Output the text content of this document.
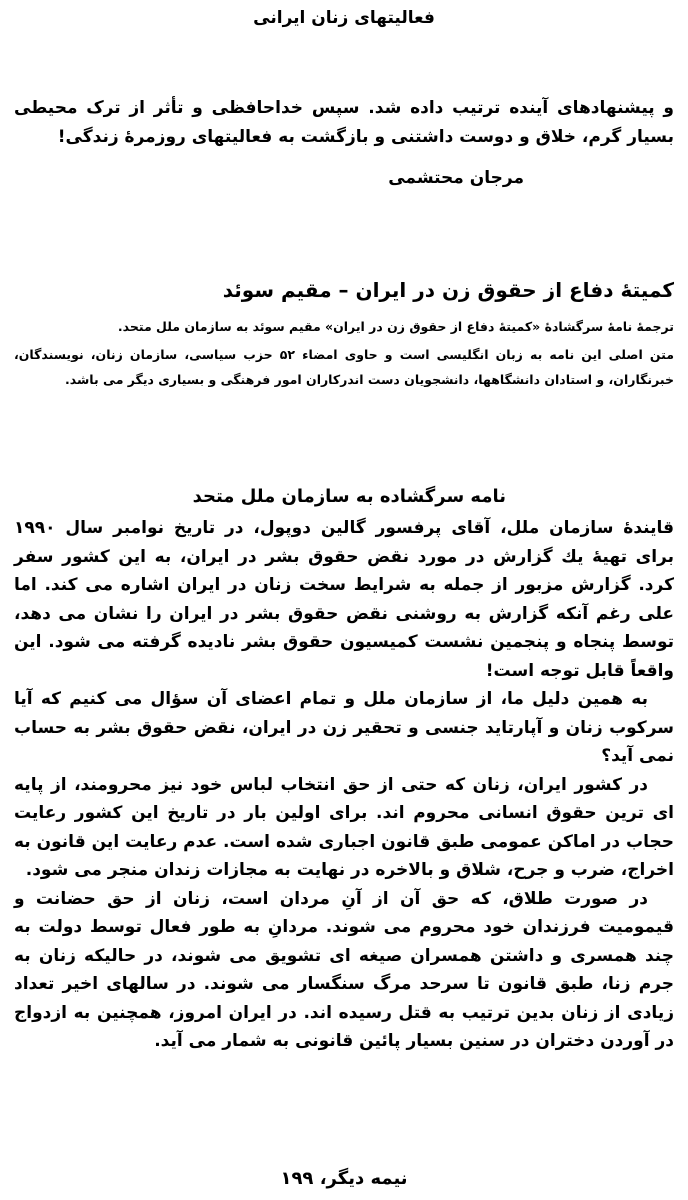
فعالیتهای زنان ایرانی
و پیشنهادهای آینده ترتیب داده شد. سپس خداحافظی و تأثر از ترک محیطی بسیار گرم، خلاق و دوست داشتنی و بازگشت به فعالیتهای روزمرهٔ زندگی!
مرجان محتشمی
کمیتهٔ دفاع از حقوق زن در ایران – مقیم سوئد
ترجمهٔ نامهٔ سرگشادهٔ «کمیتهٔ دفاع از حقوق زن در ایران» مقیم سوئد به سازمان ملل متحد.
متن اصلی این نامه به زبان انگلیسی است و حاوی امضاء ۵۲ حزب سیاسی، سازمان زنان، نویسندگان، خبرنگاران، و استادان دانشگاهها، دانشجویان دست اندرکاران امور فرهنگی و بسیاری دیگر می باشد.
نامه سرگشاده به سازمان ملل متحد

قایندهٔ سازمان ملل، آقای پرفسور گالین دوپول، در تاریخ نوامبر سال ۱۹۹۰ برای تهیهٔ یك گزارش در مورد نقض حقوق بشر در ایران، به این کشور سفر کرد. گزارش مزبور از جمله به شرایط سخت زنان در ایران اشاره می کند. اما علی رغم آنکه گزارش به روشنی نقض حقوق بشر در ایران را نشان می دهد، توسط پنجاه و پنجمین نشست کمیسیون حقوق بشر نادیده گرفته می شود. این واقعاً قابل توجه است!

به همین دلیل ما، از سازمان ملل و تمام اعضای آن سؤال می کنیم که آیا سرکوب زنان و آپارتاید جنسی و تحقیر زن در ایران، نقض حقوق بشر به حساب نمی آید؟

در کشور ایران، زنان که حتی از حق انتخاب لباس خود نیز محرومند، از پایه ای ترین حقوق انسانی محروم اند. برای اولین بار در تاریخ این کشور رعایت حجاب در اماکن عمومی طبق قانون اجباری شده است. عدم رعایت این قانون به اخراج، ضرب و جرح، شلاق و بالاخره در نهایت به مجازات زندان منجر می شود.

در صورت طلاق، که حق آن از آنِ مردان است، زنان از حق حضانت و قیمومیت فرزندان خود محروم می شوند. مردانِ به طور فعال توسط دولت به چند همسری و داشتن همسران صیغه ای تشویق می شوند، در حالیکه زنان به جرم زنا، طبق قانون تا سرحد مرگ سنگسار می شوند. در سالهای اخیر تعداد زیادی از زنان بدین ترتیب به قتل رسیده اند. در ایران امروز، همچنین به ازدواج در آوردن دختران در سنین بسیار پائین قانونی به شمار می آید.

نیمه دیگر، ۱۹۹
